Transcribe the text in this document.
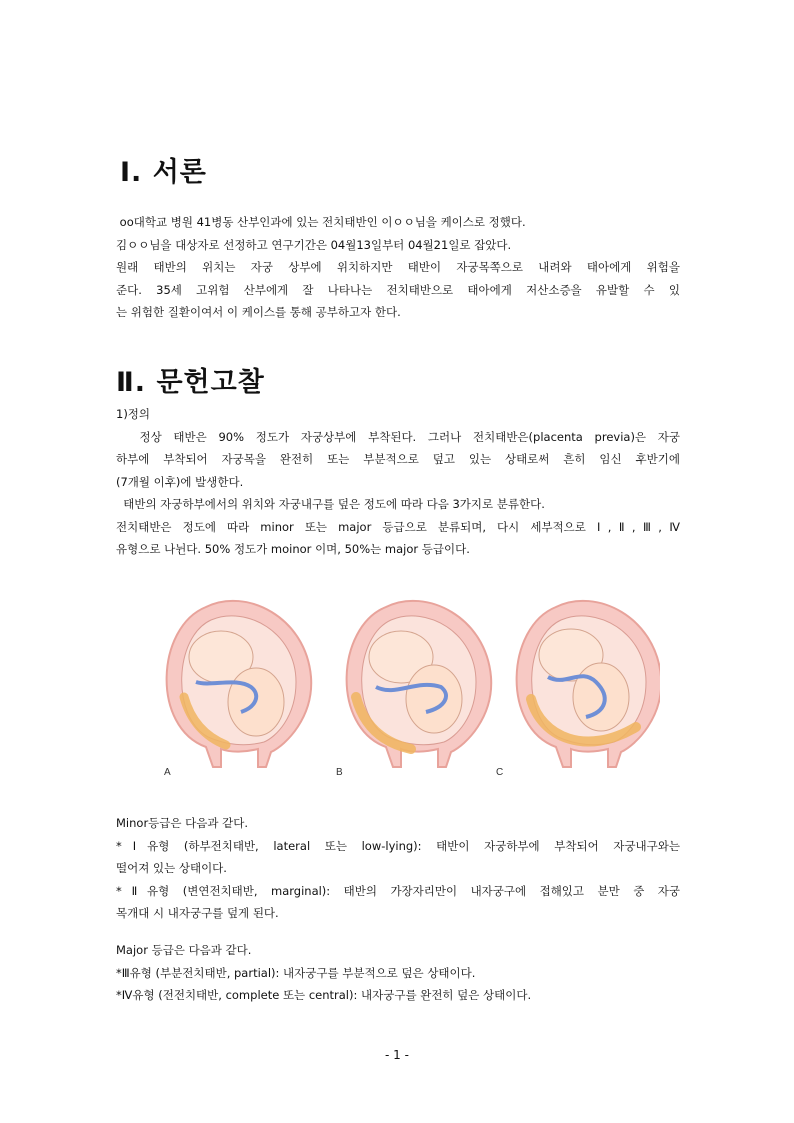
Ⅰ. 서론

oo대학교 병원 41병동 산부인과에 있는 전치태반인 이ㅇㅇ님을 케이스로 정했다.

김ㅇㅇ님을 대상자로 선정하고 연구기간은 04월13일부터 04월21일로 잡았다.

원래 태반의 위치는 자궁 상부에 위치하지만 태반이 자궁목쪽으로 내려와 태아에게 위험을

준다. 35세 고위험 산부에게 잘 나타나는 전치태반으로 태아에게 저산소증을 유발할 수 있

는 위험한 질환이여서 이 케이스를 통해 공부하고자 한다.

Ⅱ. 문헌고찰

1)정의

정상 태반은 90% 정도가 자궁상부에 부착된다. 그러나 전치태반은(placenta previa)은 자궁

하부에 부착되어 자궁목을 완전히 또는 부분적으로 덮고 있는 상태로써 흔히 임신 후반기에

(7개월 이후)에 발생한다.

태반의 자궁하부에서의 위치와 자궁내구를 덮은 정도에 따라 다음 3가지로 분류한다.

전치태반은 정도에 따라 minor 또는 major 등급으로 분류되며, 다시 세부적으로 Ⅰ,Ⅱ,Ⅲ,Ⅳ

유형으로 나뉜다. 50% 정도가 moinor 이며, 50%는 major 등급이다.

A	B	C

Minor등급은 다음과 같다.

*Ⅰ유형 (하부전치태반, lateral 또는 low-lying): 태반이 자궁하부에 부착되어 자궁내구와는

떨어져 있는 상태이다.

*Ⅱ유형 (변연전치태반, marginal): 태반의 가장자리만이 내자궁구에 접해있고 분만 중 자궁

목개대 시 내자궁구를 덮게 된다.

Major 등급은 다음과 같다.

*Ⅲ유형 (부분전치태반, partial): 내자궁구를 부분적으로 덮은 상태이다.

*Ⅳ유형 (전전치태반, complete 또는 central): 내자궁구를 완전히 덮은 상태이다.

- 1 -
